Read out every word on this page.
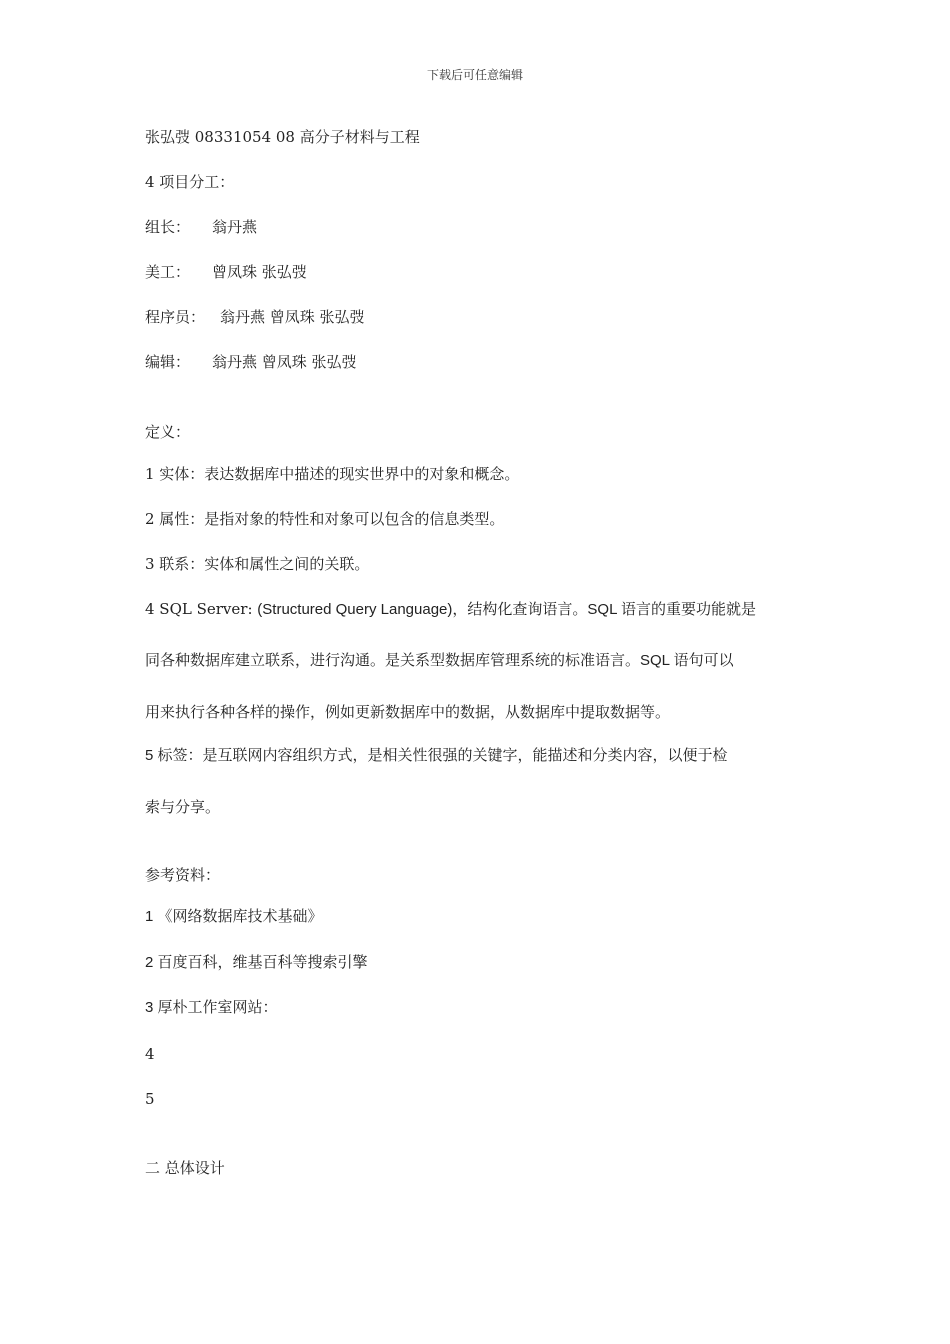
下载后可任意编辑
张弘弢 08331054 08 高分子材料与工程
4 项目分工：
组长： 翁丹燕
美工： 曾凤珠 张弘弢
程序员： 翁丹燕 曾凤珠 张弘弢
编辑： 翁丹燕 曾凤珠 张弘弢
定义：
1 实体：表达数据库中描述的现实世界中的对象和概念。
2 属性：是指对象的特性和对象可以包含的信息类型。
3 联系：实体和属性之间的关联。
4 SQL Server: (Structured Query Language)，结构化查询语言。SQL 语言的重要功能就是
同各种数据库建立联系，进行沟通。是关系型数据库管理系统的标准语言。SQL 语句可以
用来执行各种各样的操作，例如更新数据库中的数据，从数据库中提取数据等。
5 标签：是互联网内容组织方式，是相关性很强的关键字，能描述和分类内容，以便于检
索与分享。
参考资料：
1 《网络数据库技术基础》
2 百度百科，维基百科等搜索引擎
3 厚朴工作室网站：
4
5
二 总体设计
